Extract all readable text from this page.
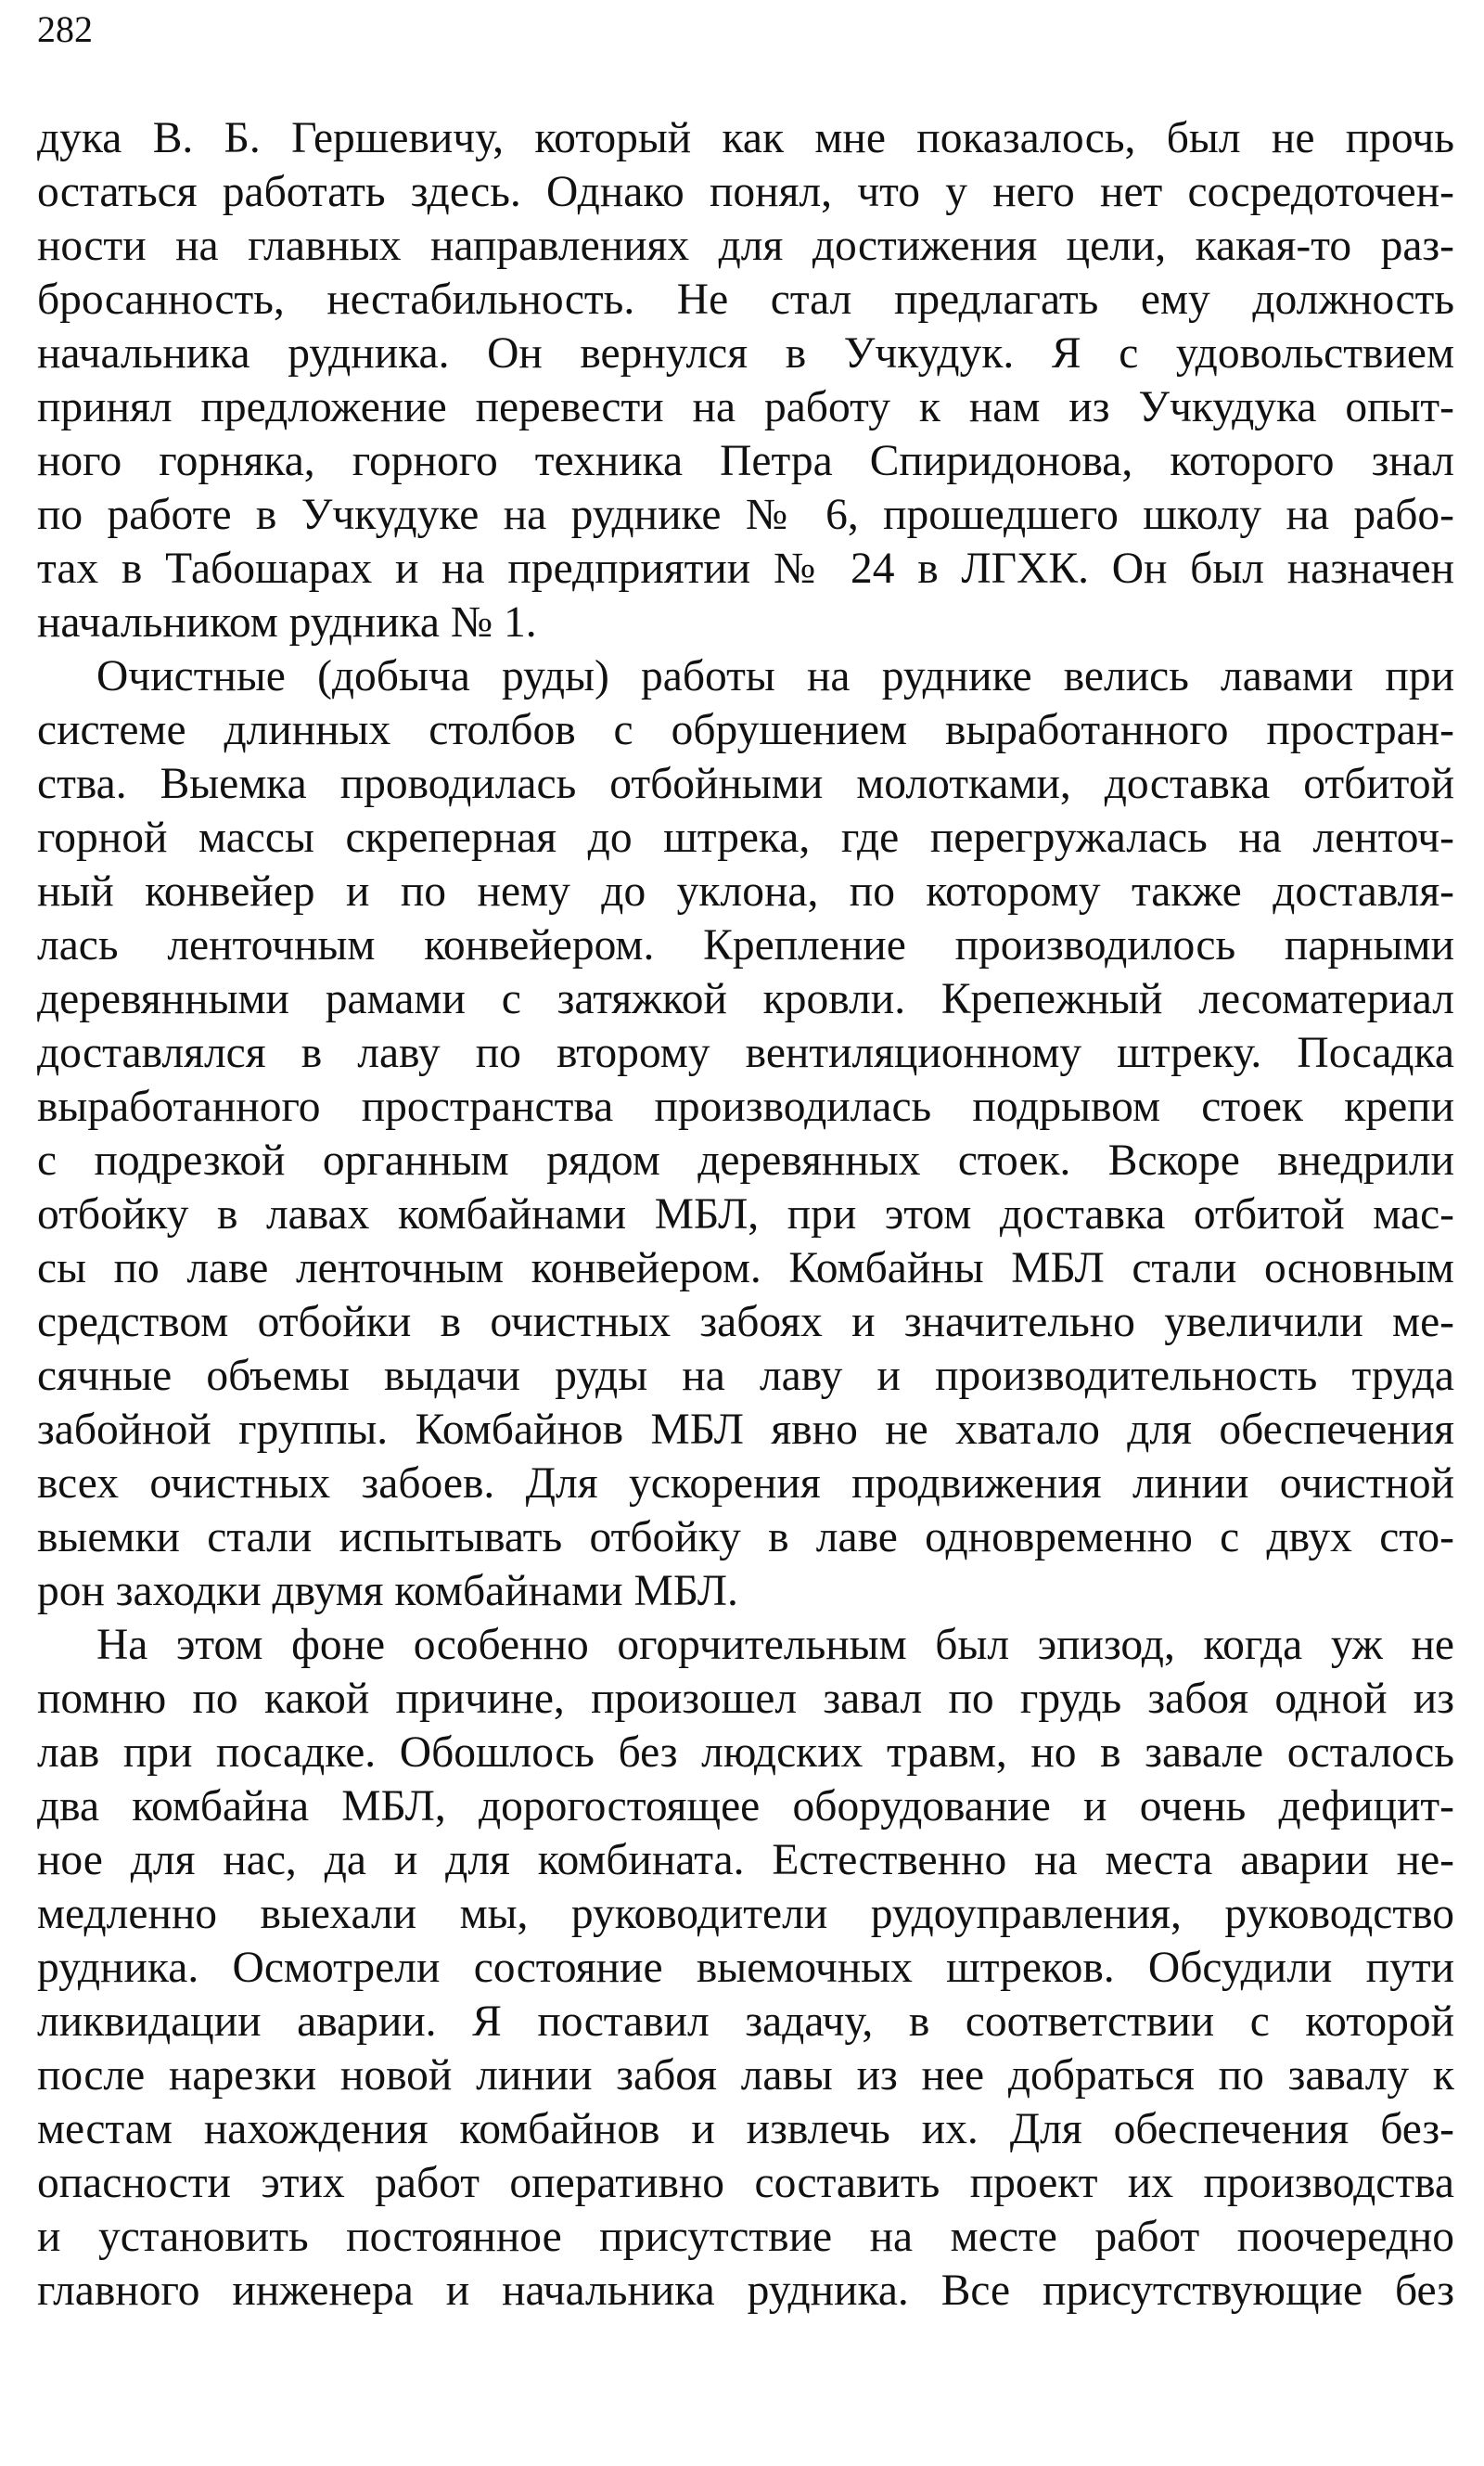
282
дука В. Б. Гершевичу, который как мне показалось, был не прочь
остаться работать здесь. Однако понял, что у него нет сосредоточен-
ности на главных направлениях для достижения цели, какая-то раз-
бросанность, нестабильность. Не стал предлагать ему должность
начальника рудника. Он вернулся в Учкудук. Я с удовольствием
принял предложение перевести на работу к нам из Учкудука опыт-
ного горняка, горного техника Петра Спиридонова, которого знал
по работе в Учкудуке на руднике № 6, прошедшего школу на рабо-
тах в Табошарах и на предприятии № 24 в ЛГХК. Он был назначен
начальником рудника № 1.
Очистные (добыча руды) работы на руднике велись лавами при
системе длинных столбов с обрушением выработанного простран-
ства. Выемка проводилась отбойными молотками, доставка отбитой
горной массы скреперная до штрека, где перегружалась на ленточ-
ный конвейер и по нему до уклона, по которому также доставля-
лась ленточным конвейером. Крепление производилось парными
деревянными рамами с затяжкой кровли. Крепежный лесоматериал
доставлялся в лаву по второму вентиляционному штреку. Посадка
выработанного пространства производилась подрывом стоек крепи
с подрезкой органным рядом деревянных стоек. Вскоре внедрили
отбойку в лавах комбайнами МБЛ, при этом доставка отбитой мас-
сы по лаве ленточным конвейером. Комбайны МБЛ стали основным
средством отбойки в очистных забоях и значительно увеличили ме-
сячные объемы выдачи руды на лаву и производительность труда
забойной группы. Комбайнов МБЛ явно не хватало для обеспечения
всех очистных забоев. Для ускорения продвижения линии очистной
выемки стали испытывать отбойку в лаве одновременно с двух сто-
рон заходки двумя комбайнами МБЛ.
На этом фоне особенно огорчительным был эпизод, когда уж не
помню по какой причине, произошел завал по грудь забоя одной из
лав при посадке. Обошлось без людских травм, но в завале осталось
два комбайна МБЛ, дорогостоящее оборудование и очень дефицит-
ное для нас, да и для комбината. Естественно на места аварии не-
медленно выехали мы, руководители рудоуправления, руководство
рудника. Осмотрели состояние выемочных штреков. Обсудили пути
ликвидации аварии. Я поставил задачу, в соответствии с которой
после нарезки новой линии забоя лавы из нее добраться по завалу к
местам нахождения комбайнов и извлечь их. Для обеспечения без-
опасности этих работ оперативно составить проект их производства
и установить постоянное присутствие на месте работ поочередно
главного инженера и начальника рудника. Все присутствующие без
